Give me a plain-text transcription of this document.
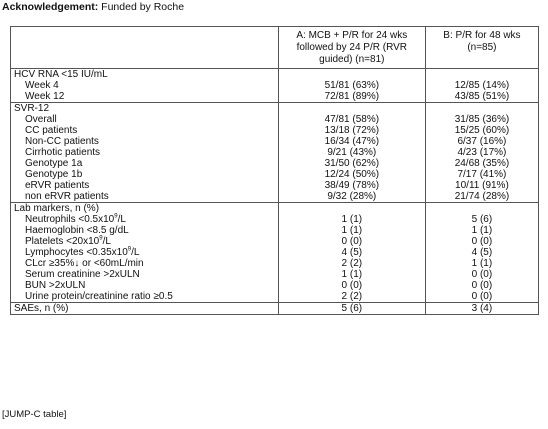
Acknowledgement: Funded by Roche
	A: MCB + P/R for 24 wks followed by 24 P/R (RVR guided) (n=81)	B: P/R for 48 wks (n=85)
HCV RNA <15 IU/mL		
Week 4	51/81 (63%)	12/85 (14%)
Week 12	72/81 (89%)	43/85 (51%)
SVR-12		
Overall	47/81 (58%)	31/85 (36%)
CC patients	13/18 (72%)	15/25 (60%)
Non-CC patients	16/34 (47%)	6/37 (16%)
Cirrhotic patients	9/21 (43%)	4/23 (17%)
Genotype 1a	31/50 (62%)	24/68 (35%)
Genotype 1b	12/24 (50%)	7/17 (41%)
eRVR patients	38/49 (78%)	10/11 (91%)
non eRVR patients	9/32 (28%)	21/74 (28%)
Lab markers, n (%)		
Neutrophils $<0.5x10^9/L$	1 (1)	5 (6)
Haemoglobin <8.5 g/dL	1 (1)	1 (1)
Platelets $<20x10^9/L$	0 (0)	0 (0)
Lymphocytes $<0.35x10^9/L$	4 (5)	4 (5)
CLcr ≥35%↓ or <60mL/min	2 (2)	1 (1)
Serum creatinine >2xULN	1 (1)	0 (0)
BUN >2xULN	0 (0)	0 (0)
Urine protein/creatinine ratio ≥0.5	2 (2)	0 (0)
SAEs, n (%)	5 (6)	3 (4)
[JUMP-C table]
